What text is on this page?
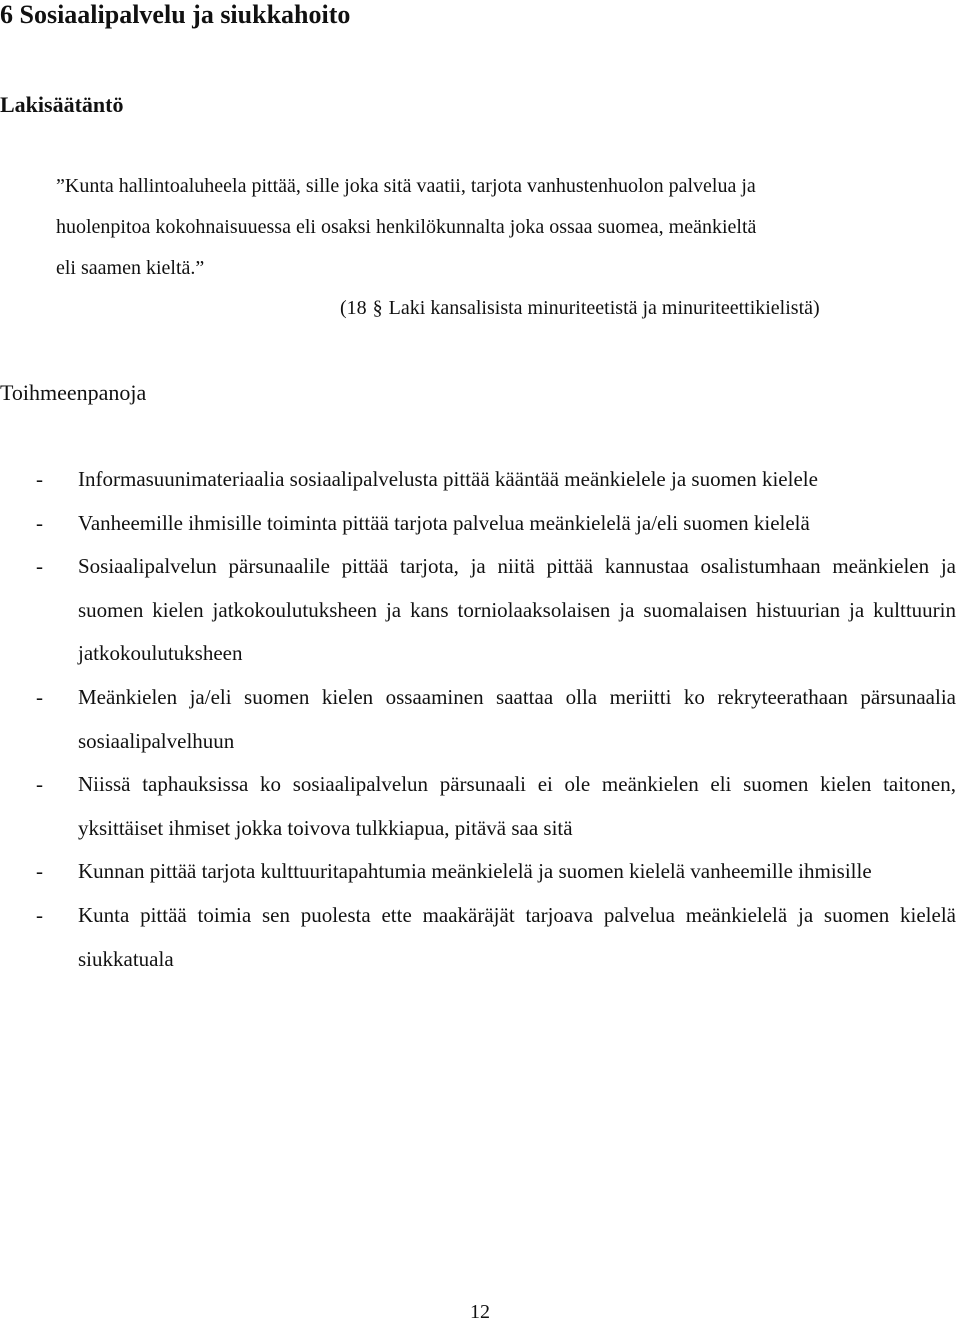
6 Sosiaalipalvelu ja siukkahoito
Lakisäätäntö
”Kunta hallintoaluheela pittää, sille joka sitä vaatii, tarjota vanhustenhuolon palvelua ja
huolenpitoa kokohnaisuuessa eli osaksi henkilökunnalta joka ossaa suomea, meänkieltä
eli saamen kieltä.”
(18 § Laki kansalisista minuriteetistä ja minuriteettikielistä)
Toihmeenpanoja
- Informasuunimateriaalia sosiaalipalvelusta pittää kääntää meänkielele ja suomen kielele
- Vanheemille ihmisille toiminta pittää tarjota palvelua meänkielelä ja/eli suomen kielelä
- Sosiaalipalvelun pärsunaalile pittää tarjota, ja niitä pittää kannustaa osalistumhaan meänkielen ja suomen kielen jatkokoulutuksheen ja kans torniolaaksolaisen ja suomalaisen histuurian ja kulttuurin jatkokoulutuksheen
- Meänkielen ja/eli suomen kielen ossaaminen saattaa olla meriitti ko rekryteerathaan pärsunaalia sosiaalipalvelhuun
- Niissä taphauksissa ko sosiaalipalvelun pärsunaali ei ole meänkielen eli suomen kielen taitonen, yksittäiset ihmiset jokka toivova tulkkiapua, pitävä saa sitä
- Kunnan pittää tarjota kulttuuritapahtumia meänkielelä ja suomen kielelä vanheemille ihmisille
- Kunta pittää toimia sen puolesta ette maakäräjät tarjoava palvelua meänkielelä ja suomen kielelä siukkatuala
12
